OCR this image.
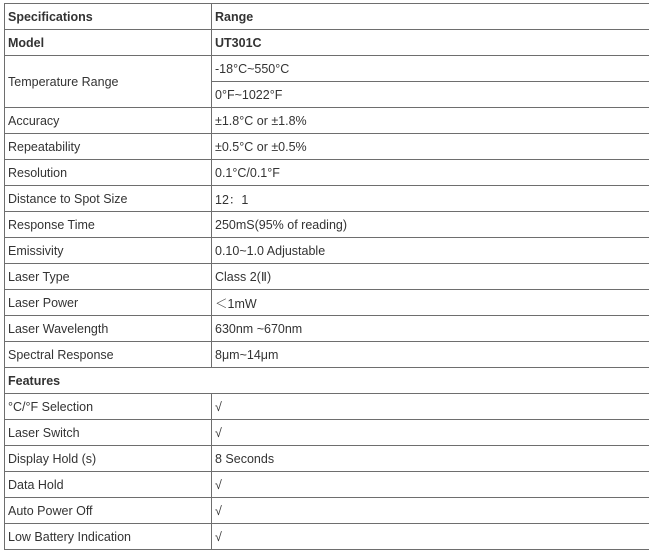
Specifications	Range
Model	UT301C
Temperature Range	-18°C~550°C
	0°F~1022°F
Accuracy	±1.8°C or ±1.8%
Repeatability	±0.5°C or ±0.5%
Resolution	0.1°C/0.1°F
Distance to Spot Size	12：1
Response Time	250mS(95% of reading)
Emissivity	0.10~1.0 Adjustable
Laser Type	Class 2(Ⅱ)
Laser Power	＜1mW
Laser Wavelength	630nm ~670nm
Spectral Response	8μm~14μm
Features	
°C/°F Selection	√
Laser Switch	√
Display Hold (s)	8 Seconds
Data Hold	√
Auto Power Off	√
Low Battery Indication	√
